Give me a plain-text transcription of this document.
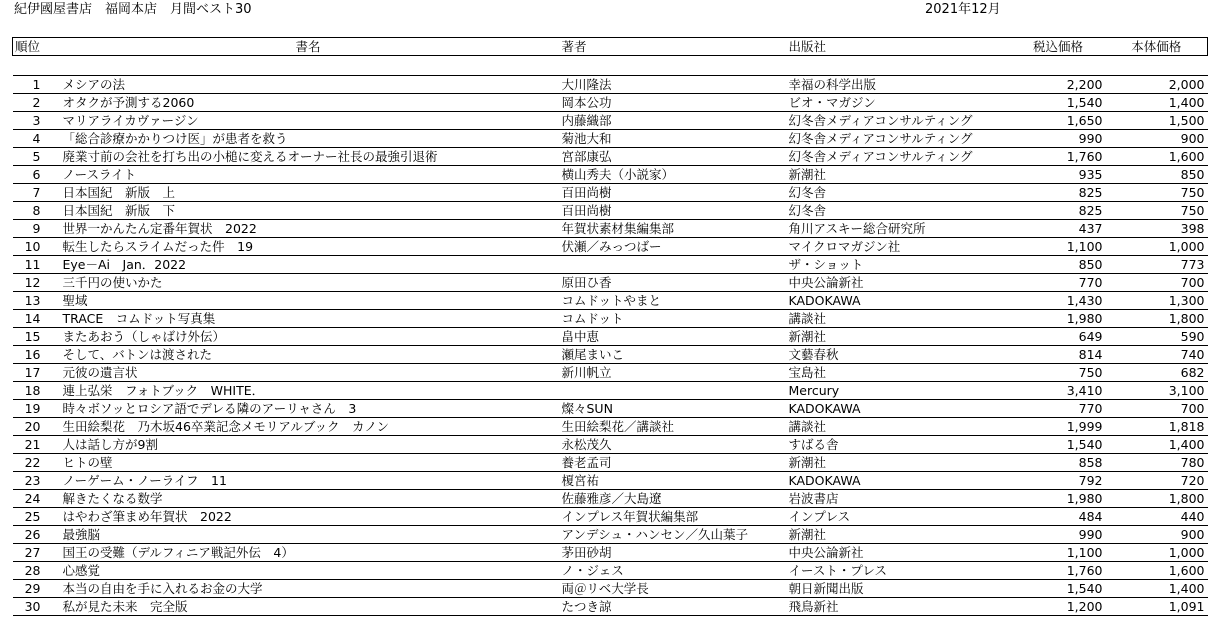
紀伊國屋書店　福岡本店　月間ベスト30	2021年12月
順位	書名	著者	出版社	税込価格	本体価格

1	メシアの法	大川隆法	幸福の科学出版	2,200	2,000
2	オタクが予測する2060	岡本公功	ビオ・マガジン	1,540	1,400
3	マリアライカヴァージン	内藤織部	幻冬舎メディアコンサルティング	1,650	1,500
4	「総合診療かかりつけ医」が患者を救う	菊池大和	幻冬舎メディアコンサルティング	990	900
5	廃業寸前の会社を打ち出の小槌に変えるオーナー社長の最強引退術	宮部康弘	幻冬舎メディアコンサルティング	1,760	1,600
6	ノースライト	横山秀夫（小説家）	新潮社	935	850
7	日本国紀　新版　上	百田尚樹	幻冬舎	825	750
8	日本国紀　新版　下	百田尚樹	幻冬舎	825	750
9	世界一かんたん定番年賀状　2022	年賀状素材集編集部	角川アスキー総合研究所	437	398
10	転生したらスライムだった件　19	伏瀬／みっつばー	マイクロマガジン社	1,100	1,000
11	Eye－Ai　Jan．2022		ザ・ショット	850	773
12	三千円の使いかた	原田ひ香	中央公論新社	770	700
13	聖域	コムドットやまと	KADOKAWA	1,430	1,300
14	TRACE　コムドット写真集	コムドット	講談社	1,980	1,800
15	またあおう（しゃばけ外伝）	畠中恵	新潮社	649	590
16	そして、バトンは渡された	瀬尾まいこ	文藝春秋	814	740
17	元彼の遺言状	新川帆立	宝島社	750	682
18	連上弘栄　フォトブック　WHITE．		Mercury	3,410	3,100
19	時々ボソッとロシア語でデレる隣のアーリャさん　3	燦々SUN	KADOKAWA	770	700
20	生田絵梨花　乃木坂46卒業記念メモリアルブック　カノン	生田絵梨花／講談社	講談社	1,999	1,818
21	人は話し方が9割	永松茂久	すばる舎	1,540	1,400
22	ヒトの壁	養老孟司	新潮社	858	780
23	ノーゲーム・ノーライフ　11	榎宮祐	KADOKAWA	792	720
24	解きたくなる数学	佐藤雅彦／大島遼	岩波書店	1,980	1,800
25	はやわざ筆まめ年賀状　2022	インプレス年賀状編集部	インプレス	484	440
26	最強脳	アンデシュ・ハンセン／久山葉子	新潮社	990	900
27	国王の受難（デルフィニア戦記外伝　4）	茅田砂胡	中央公論新社	1,100	1,000
28	心感覚	ノ・ジェス	イースト・プレス	1,760	1,600
29	本当の自由を手に入れるお金の大学	両＠リベ大学長	朝日新聞出版	1,540	1,400
30	私が見た未来　完全版	たつき諒	飛鳥新社	1,200	1,091
